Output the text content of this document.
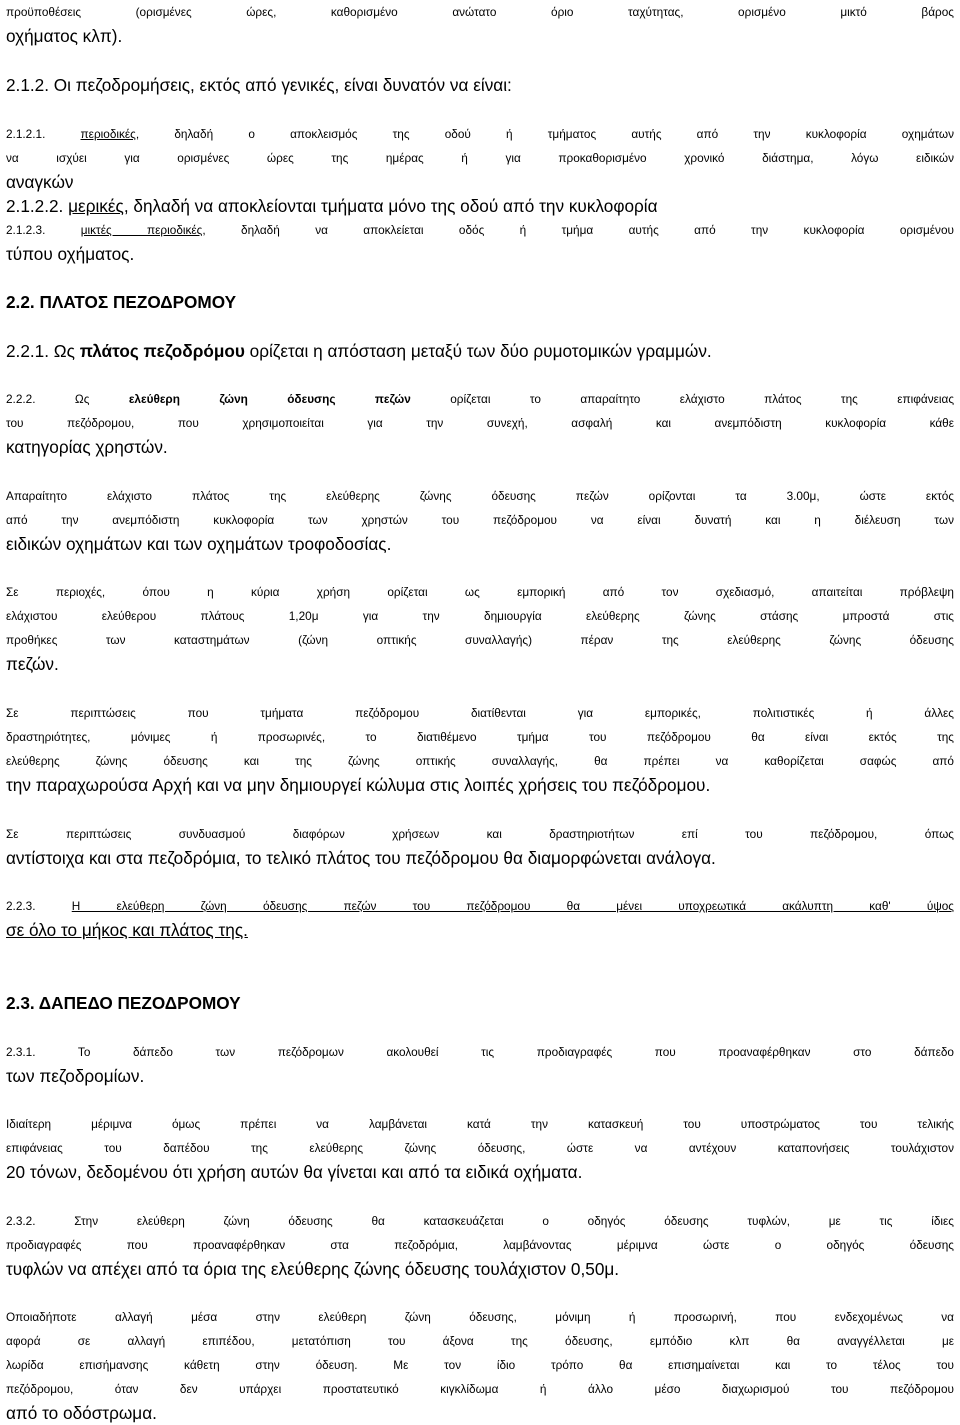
προϋποθέσεις (ορισμένες ώρες, καθορισμένο ανώτατο όριο ταχύτητας, ορισμένο μικτό βάρος
οχήματος κλπ).
2.1.2. Οι πεζοδρομήσεις, εκτός από γενικές, είναι δυνατόν να είναι:
2.1.2.1. περιοδικές, δηλαδή ο αποκλεισμός της οδού ή τμήματος αυτής από την κυκλοφορία οχημάτων
να ισχύει για ορισμένες ώρες της ημέρας ή για προκαθορισμένο χρονικό διάστημα, λόγω ειδικών
αναγκών
2.1.2.2. μερικές, δηλαδή να αποκλείονται τμήματα μόνο της οδού από την κυκλοφορία
2.1.2.3. μικτές περιοδικές, δηλαδή να αποκλείεται οδός ή τμήμα αυτής από την κυκλοφορία ορισμένου
τύπου οχήματος.
2.2. ΠΛΑΤΟΣ ΠΕΖΟΔΡΟΜΟΥ
2.2.1. Ως πλάτος πεζοδρόμου ορίζεται η απόσταση μεταξύ των δύο ρυμοτομικών γραμμών.
2.2.2. Ως ελεύθερη ζώνη όδευσης πεζών ορίζεται το απαραίτητο ελάχιστο πλάτος της επιφάνειας
του πεζόδρομου, που χρησιμοποιείται για την συνεχή, ασφαλή και ανεμπόδιστη κυκλοφορία κάθε
κατηγορίας χρηστών.
Απαραίτητο ελάχιστο πλάτος της ελεύθερης ζώνης όδευσης πεζών ορίζονται τα 3.00μ, ώστε εκτός
από την ανεμπόδιστη κυκλοφορία των χρηστών του πεζόδρομου να είναι δυνατή και η διέλευση των
ειδικών οχημάτων και των οχημάτων τροφοδοσίας.
Σε περιοχές, όπου η κύρια χρήση ορίζεται ως εμπορική από τον σχεδιασμό, απαιτείται πρόβλεψη
ελάχιστου ελεύθερου πλάτους 1,20μ για την δημιουργία ελεύθερης ζώνης στάσης μπροστά στις
προθήκες των καταστημάτων (ζώνη οπτικής συναλλαγής) πέραν της ελεύθερης ζώνης όδευσης
πεζών.
Σε περιπτώσεις που τμήματα πεζόδρομου διατίθενται για εμπορικές, πολιτιστικές ή άλλες
δραστηριότητες, μόνιμες ή προσωρινές, το διατιθέμενο τμήμα του πεζόδρομου θα είναι εκτός της
ελεύθερης ζώνης όδευσης και της ζώνης οπτικής συναλλαγής, θα πρέπει να καθορίζεται σαφώς από
την παραχωρούσα Αρχή και να μην δημιουργεί κώλυμα στις λοιπές χρήσεις του πεζόδρομου.
Σε περιπτώσεις συνδυασμού διαφόρων χρήσεων και δραστηριοτήτων επί του πεζόδρομου, όπως
αντίστοιχα και στα πεζοδρόμια, το τελικό πλάτος του πεζόδρομου θα διαμορφώνεται ανάλογα.
2.2.3. Η ελεύθερη ζώνη όδευσης πεζών του πεζόδρομου θα μένει υποχρεωτικά ακάλυπτη καθ' ύψος
σε όλο το μήκος και πλάτος της.
2.3. ΔΑΠΕΔΟ ΠΕΖΟΔΡΟΜΟΥ
2.3.1. Το δάπεδο των πεζόδρομων ακολουθεί τις προδιαγραφές που προαναφέρθηκαν στο δάπεδο
των πεζοδρομίων.
Ιδιαίτερη μέριμνα όμως πρέπει να λαμβάνεται κατά την κατασκευή του υποστρώματος του τελικής
επιφάνειας του δαπέδου της ελεύθερης ζώνης όδευσης, ώστε να αντέχουν καταπονήσεις τουλάχιστον
20 τόνων, δεδομένου ότι χρήση αυτών θα γίνεται και από τα ειδικά οχήματα.
2.3.2. Στην ελεύθερη ζώνη όδευσης θα κατασκευάζεται ο οδηγός όδευσης τυφλών, με τις ίδιες
προδιαγραφές που προαναφέρθηκαν στα πεζοδρόμια, λαμβάνοντας μέριμνα ώστε ο οδηγός όδευσης
τυφλών να απέχει από τα όρια της ελεύθερης ζώνης όδευσης τουλάχιστον 0,50μ.
Οποιαδήποτε αλλαγή μέσα στην ελεύθερη ζώνη όδευσης, μόνιμη ή προσωρινή, που ενδεχομένως να
αφορά σε αλλαγή επιπέδου, μετατόπιση του άξονα της όδευσης, εμπόδιο κλπ θα αναγγέλλεται με
λωρίδα επισήμανσης κάθετη στην όδευση. Με τον ίδιο τρόπο θα επισημαίνεται και το τέλος του
πεζόδρομου, όταν δεν υπάρχει προστατευτικό κιγκλίδωμα ή άλλο μέσο διαχωρισμού του πεζόδρομου
από το οδόστρωμα.
